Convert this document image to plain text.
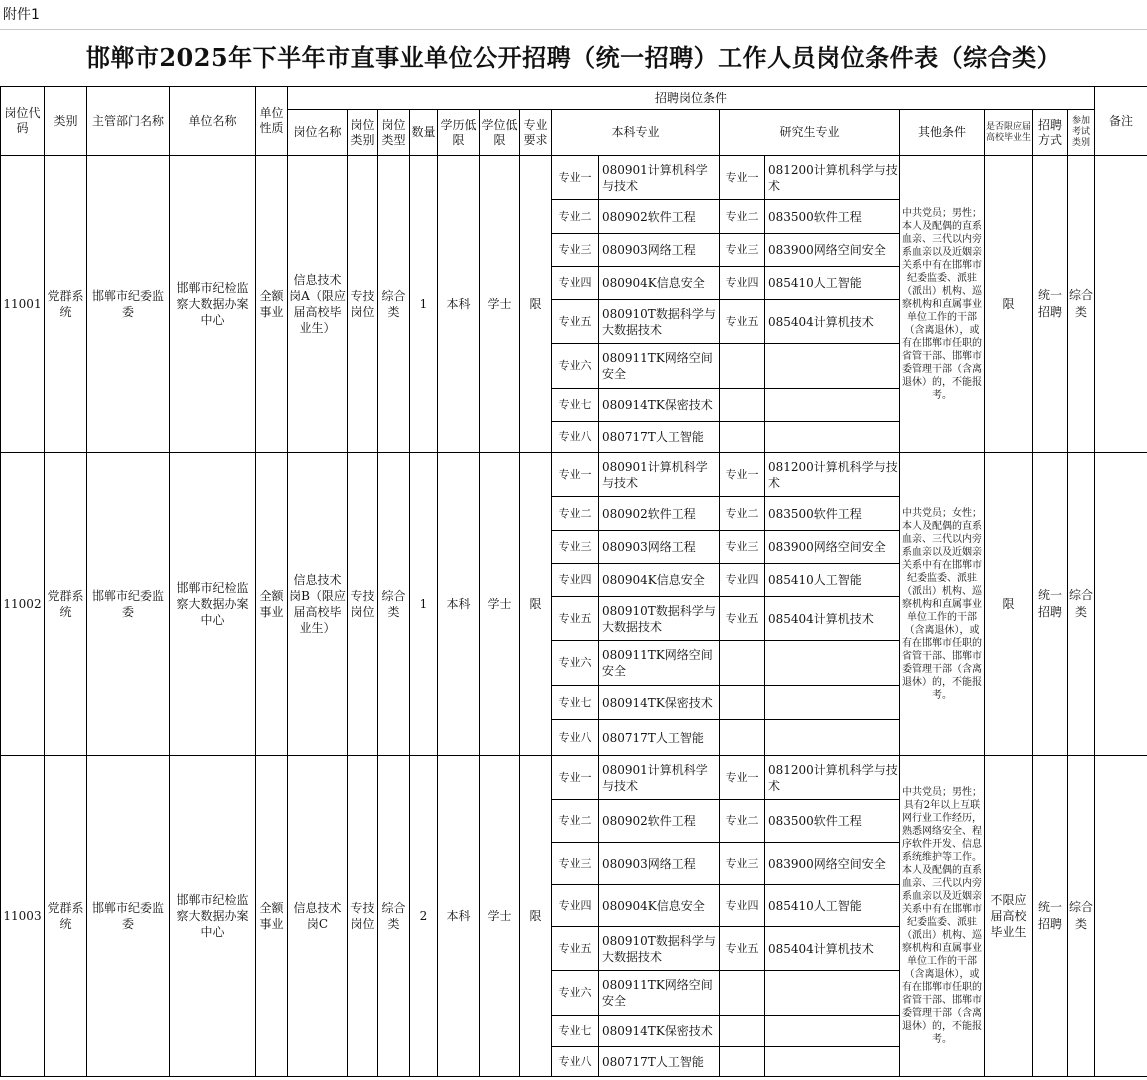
附件1
邯郸市2025年下半年市直事业单位公开招聘（统一招聘）工作人员岗位条件表（综合类）
岗位代码	类别	主管部门名称	单位名称	单位性质	招聘岗位条件															备注
					岗位名称	岗位类别	岗位类型	数量	学历低限	学位低限	专业要求	本科专业		研究生专业		其他条件	是否限应届高校毕业生	招聘方式	参加考试类别	
11001	党群系统	邯郸市纪委监委	邯郸市纪检监察大数据办案中心	全额事业	信息技术岗A（限应届高校毕业生）	专技岗位	综合类	1	本科	学士	限	专业一	080901计算机科学与技术	专业一	081200计算机科学与技术	中共党员；男性；本人及配偶的直系血亲、三代以内旁系血亲以及近姻亲关系中有在邯郸市纪委监委、派驻（派出）机构、巡察机构和直属事业单位工作的干部（含离退休），或有在邯郸市任职的省管干部、邯郸市委管理干部（含离退休）的，不能报考。	限	统一招聘	综合类	
												专业二	080902软件工程	专业二	083500软件工程					
												专业三	080903网络工程	专业三	083900网络空间安全					
												专业四	080904K信息安全	专业四	085410人工智能					
												专业五	080910T数据科学与大数据技术	专业五	085404计算机技术					
												专业六	080911TK网络空间安全							
												专业七	080914TK保密技术							
												专业八	080717T人工智能							
11002	党群系统	邯郸市纪委监委	邯郸市纪检监察大数据办案中心	全额事业	信息技术岗B（限应届高校毕业生）	专技岗位	综合类	1	本科	学士	限	专业一	080901计算机科学与技术	专业一	081200计算机科学与技术	中共党员；女性；本人及配偶的直系血亲、三代以内旁系血亲以及近姻亲关系中有在邯郸市纪委监委、派驻（派出）机构、巡察机构和直属事业单位工作的干部（含离退休），或有在邯郸市任职的省管干部、邯郸市委管理干部（含离退休）的，不能报考。	限	统一招聘	综合类	
												专业二	080902软件工程	专业二	083500软件工程					
												专业三	080903网络工程	专业三	083900网络空间安全					
												专业四	080904K信息安全	专业四	085410人工智能					
												专业五	080910T数据科学与大数据技术	专业五	085404计算机技术					
												专业六	080911TK网络空间安全							
												专业七	080914TK保密技术							
												专业八	080717T人工智能							
11003	党群系统	邯郸市纪委监委	邯郸市纪检监察大数据办案中心	全额事业	信息技术岗C	专技岗位	综合类	2	本科	学士	限	专业一	080901计算机科学与技术	专业一	081200计算机科学与技术	中共党员；男性；具有2年以上互联网行业工作经历，熟悉网络安全、程序软件开发、信息系统维护等工作。本人及配偶的直系血亲、三代以内旁系血亲以及近姻亲关系中有在邯郸市纪委监委、派驻（派出）机构、巡察机构和直属事业单位工作的干部（含离退休），或有在邯郸市任职的省管干部、邯郸市委管理干部（含离退休）的，不能报考。	不限应届高校毕业生	统一招聘	综合类	
												专业二	080902软件工程	专业二	083500软件工程					
												专业三	080903网络工程	专业三	083900网络空间安全					
												专业四	080904K信息安全	专业四	085410人工智能					
												专业五	080910T数据科学与大数据技术	专业五	085404计算机技术					
												专业六	080911TK网络空间安全							
												专业七	080914TK保密技术							
												专业八	080717T人工智能							
